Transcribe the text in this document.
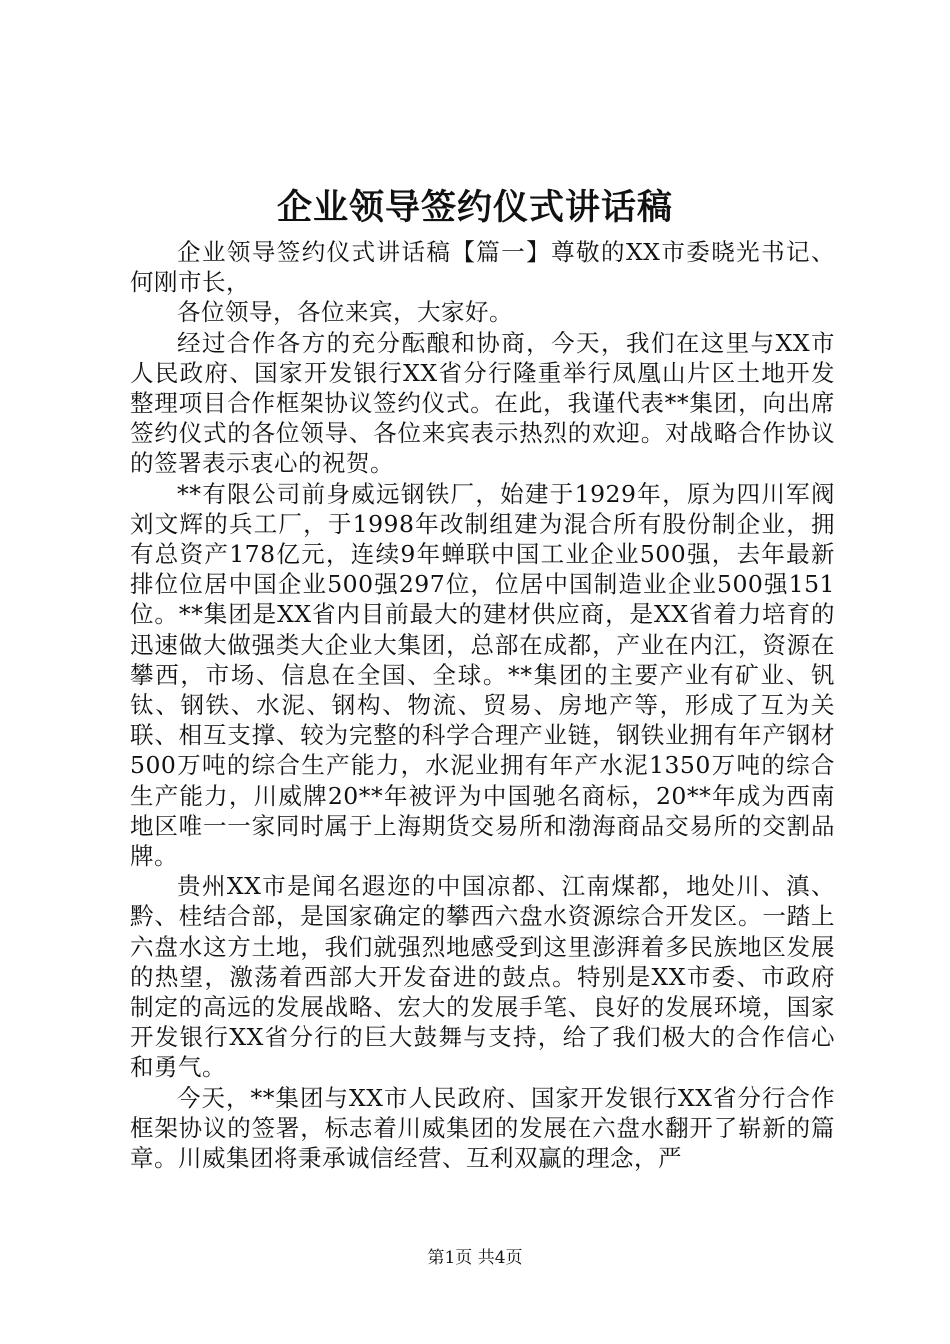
企业领导签约仪式讲话稿

企业领导签约仪式讲话稿【篇一】尊敬的XX市委晓光书记、何刚市长，

各位领导，各位来宾，大家好。

经过合作各方的充分酝酿和协商，今天，我们在这里与XX市人民政府、国家开发银行XX省分行隆重举行凤凰山片区土地开发整理项目合作框架协议签约仪式。在此，我谨代表**集团，向出席签约仪式的各位领导、各位来宾表示热烈的欢迎。对战略合作协议的签署表示衷心的祝贺。

**有限公司前身威远钢铁厂，始建于1929年，原为四川军阀刘文辉的兵工厂，于1998年改制组建为混合所有股份制企业，拥有总资产178亿元，连续9年蝉联中国工业企业500强，去年最新排位位居中国企业500强297位，位居中国制造业企业500强151位。**集团是XX省内目前最大的建材供应商，是XX省着力培育的迅速做大做强类大企业大集团，总部在成都，产业在内江，资源在攀西，市场、信息在全国、全球。**集团的主要产业有矿业、钒钛、钢铁、水泥、钢构、物流、贸易、房地产等，形成了互为关联、相互支撑、较为完整的科学合理产业链，钢铁业拥有年产钢材500万吨的综合生产能力，水泥业拥有年产水泥1350万吨的综合生产能力，川威牌20**年被评为中国驰名商标，20**年成为西南地区唯一一家同时属于上海期货交易所和渤海商品交易所的交割品牌。

贵州XX市是闻名遐迩的中国凉都、江南煤都，地处川、滇、黔、桂结合部，是国家确定的攀西六盘水资源综合开发区。一踏上六盘水这方土地，我们就强烈地感受到这里澎湃着多民族地区发展的热望，激荡着西部大开发奋进的鼓点。特别是XX市委、市政府制定的高远的发展战略、宏大的发展手笔、良好的发展环境，国家开发银行XX省分行的巨大鼓舞与支持，给了我们极大的合作信心和勇气。

今天，**集团与XX市人民政府、国家开发银行XX省分行合作框架协议的签署，标志着川威集团的发展在六盘水翻开了崭新的篇章。川威集团将秉承诚信经营、互利双赢的理念，严

第1页 共4页
